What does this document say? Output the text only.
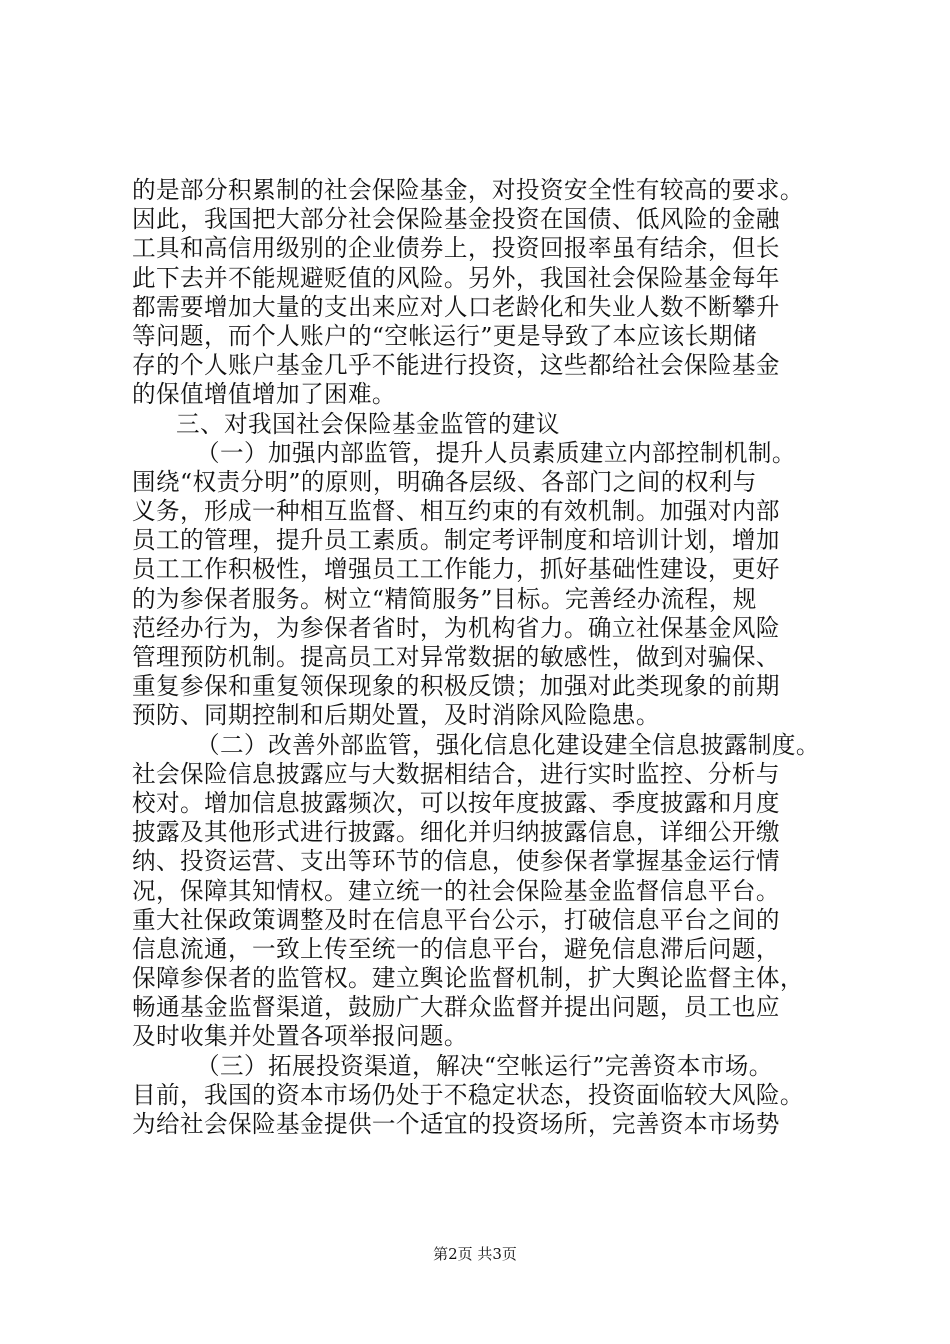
的是部分积累制的社会保险基金，对投资安全性有较高的要求。
因此，我国把大部分社会保险基金投资在国债、低风险的金融
工具和高信用级别的企业债券上，投资回报率虽有结余，但长
此下去并不能规避贬值的风险。另外，我国社会保险基金每年
都需要增加大量的支出来应对人口老龄化和失业人数不断攀升
等问题，而个人账户的“空帐运行”更是导致了本应该长期储
存的个人账户基金几乎不能进行投资，这些都给社会保险基金
的保值增值增加了困难。
三、对我国社会保险基金监管的建议
（一）加强内部监管，提升人员素质建立内部控制机制。
围绕“权责分明”的原则，明确各层级、各部门之间的权利与
义务，形成一种相互监督、相互约束的有效机制。加强对内部
员工的管理，提升员工素质。制定考评制度和培训计划，增加
员工工作积极性，增强员工工作能力，抓好基础性建设，更好
的为参保者服务。树立“精简服务”目标。完善经办流程，规
范经办行为，为参保者省时，为机构省力。确立社保基金风险
管理预防机制。提高员工对异常数据的敏感性，做到对骗保、
重复参保和重复领保现象的积极反馈；加强对此类现象的前期
预防、同期控制和后期处置，及时消除风险隐患。
（二）改善外部监管，强化信息化建设建全信息披露制度。
社会保险信息披露应与大数据相结合，进行实时监控、分析与
校对。增加信息披露频次，可以按年度披露、季度披露和月度
披露及其他形式进行披露。细化并归纳披露信息，详细公开缴
纳、投资运营、支出等环节的信息，使参保者掌握基金运行情
况，保障其知情权。建立统一的社会保险基金监督信息平台。
重大社保政策调整及时在信息平台公示，打破信息平台之间的
信息流通，一致上传至统一的信息平台，避免信息滞后问题，
保障参保者的监管权。建立舆论监督机制，扩大舆论监督主体，
畅通基金监督渠道，鼓励广大群众监督并提出问题，员工也应
及时收集并处置各项举报问题。
（三）拓展投资渠道，解决“空帐运行”完善资本市场。
目前，我国的资本市场仍处于不稳定状态，投资面临较大风险。
为给社会保险基金提供一个适宜的投资场所，完善资本市场势
第2页 共3页
